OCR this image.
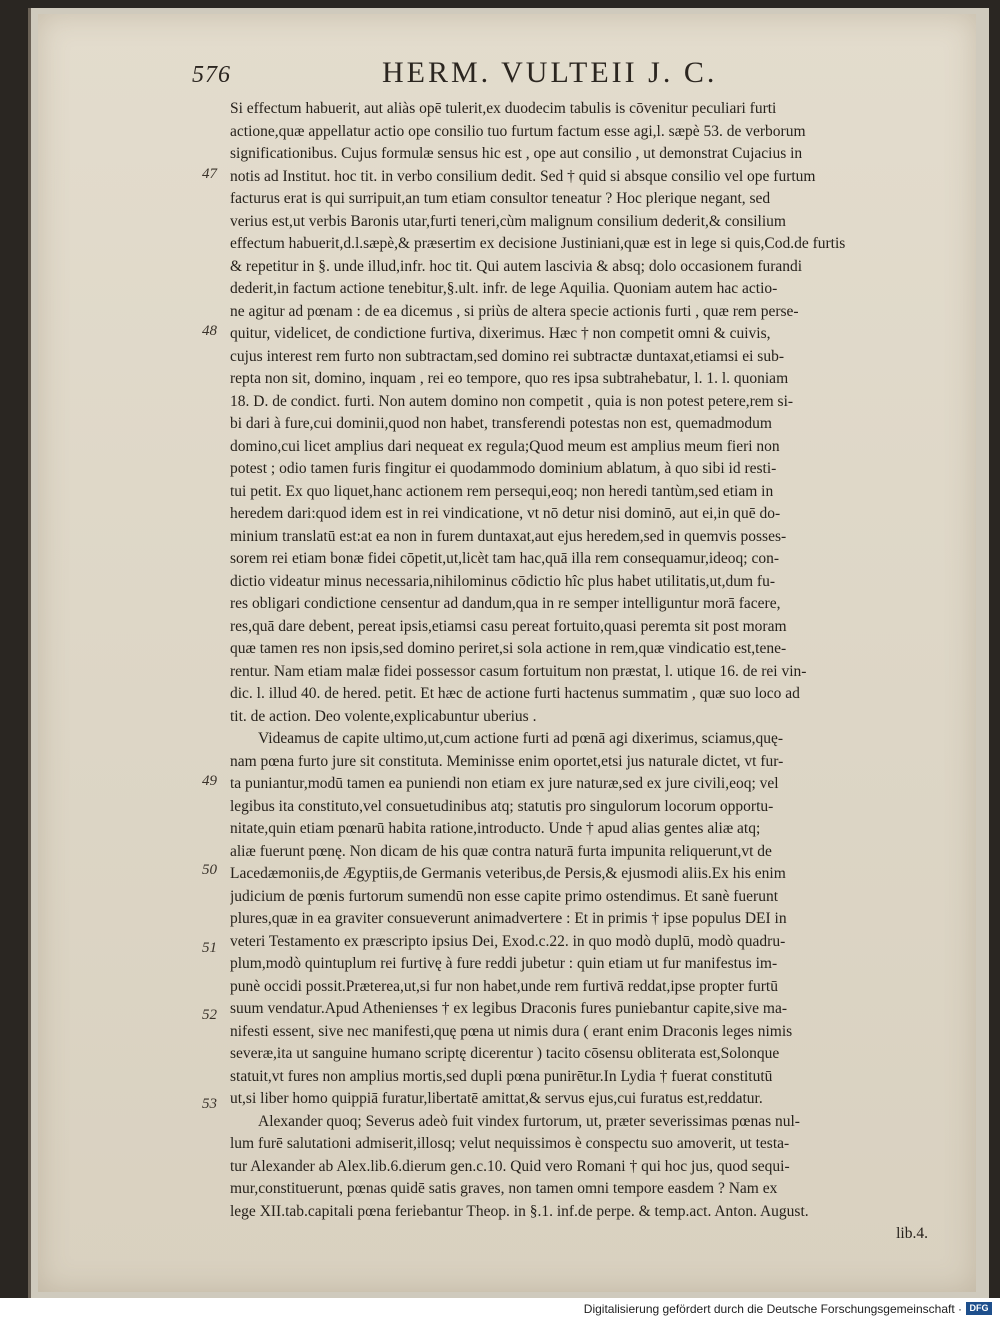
576	HERM. VULTEII J. C.
Si effectum habuerit, aut aliàs opē tulerit,ex duodecim tabulis is cōvenitur peculiari furti
actione,quæ appellatur actio ope consilio tuo furtum factum esse agi,l. sæpè 53. de verborum
significationibus. Cujus formulæ sensus hic est , ope aut consilio , ut demonstrat Cujacius in
notis ad Institut. hoc tit. in verbo consilium dedit. Sed † quid si absque consilio vel ope furtum
facturus erat is qui surripuit,an tum etiam consultor teneatur ? Hoc plerique negant, sed
verius est,ut verbis Baronis utar,furti teneri,cùm malignum consilium dederit,& consilium
effectum habuerit,d.l.sæpè,& præsertim ex decisione Justiniani,quæ est in lege si quis,Cod.de furtis
& repetitur in §. unde illud,infr. hoc tit. Qui autem lascivia & absq; dolo occasionem furandi
dederit,in factum actione tenebitur,§.ult. infr. de lege Aquilia. Quoniam autem hac actio-
ne agitur ad pœnam : de ea dicemus , si priùs de altera specie actionis furti , quæ rem perse-
quitur, videlicet, de condictione furtiva, dixerimus. Hæc † non competit omni & cuivis,
cujus interest rem furto non subtractam,sed domino rei subtractæ duntaxat,etiamsi ei sub-
repta non sit, domino, inquam , rei eo tempore, quo res ipsa subtrahebatur, l. 1. l. quoniam
18. D. de condict. furti. Non autem domino non competit , quia is non potest petere,rem si-
bi dari à fure,cui dominii,quod non habet, transferendi potestas non est, quemadmodum
domino,cui licet amplius dari nequeat ex regula;Quod meum est amplius meum fieri non
potest ; odio tamen furis fingitur ei quodammodo dominium ablatum, à quo sibi id resti-
tui petit. Ex quo liquet,hanc actionem rem persequi,eoq; non heredi tantùm,sed etiam in
heredem dari:quod idem est in rei vindicatione, vt nō detur nisi dominō, aut ei,in quē do-
minium translatū est:at ea non in furem duntaxat,aut ejus heredem,sed in quemvis posses-
sorem rei etiam bonæ fidei cōpetit,ut,licèt tam hac,quā illa rem consequamur,ideoq; con-
dictio videatur minus necessaria,nihilominus cōdictio hîc plus habet utilitatis,ut,dum fu-
res obligari condictione censentur ad dandum,qua in re semper intelliguntur morā facere,
res,quā dare debent, pereat ipsis,etiamsi casu pereat fortuito,quasi peremta sit post moram
quæ tamen res non ipsis,sed domino periret,si sola actione in rem,quæ vindicatio est,tene-
rentur. Nam etiam malæ fidei possessor casum fortuitum non præstat, l. utique 16. de rei vin-
dic. l. illud 40. de hered. petit. Et hæc de actione furti hactenus summatim , quæ suo loco ad
tit. de action. Deo volente,explicabuntur uberius .
Videamus de capite ultimo,ut,cum actione furti ad pœnā agi dixerimus, sciamus,quę-
nam pœna furto jure sit constituta. Meminisse enim oportet,etsi jus naturale dictet, vt fur-
ta puniantur,modū tamen ea puniendi non etiam ex jure naturæ,sed ex jure civili,eoq; vel
legibus ita constituto,vel consuetudinibus atq; statutis pro singulorum locorum opportu-
nitate,quin etiam pœnarū habita ratione,introducto. Unde † apud alias gentes aliæ atq;
aliæ fuerunt pœnę. Non dicam de his quæ contra naturā furta impunita reliquerunt,vt de
Lacedæmoniis,de Ægyptiis,de Germanis veteribus,de Persis,& ejusmodi aliis.Ex his enim
judicium de pœnis furtorum sumendū non esse capite primo ostendimus. Et sanè fuerunt
plures,quæ in ea graviter consueverunt animadvertere : Et in primis † ipse populus DEI in
veteri Testamento ex præscripto ipsius Dei, Exod.c.22. in quo modò duplū, modò quadru-
plum,modò quintuplum rei furtivę à fure reddi jubetur : quin etiam ut fur manifestus im-
punè occidi possit.Præterea,ut,si fur non habet,unde rem furtivā reddat,ipse propter furtū
suum vendatur.Apud Athenienses † ex legibus Draconis fures puniebantur capite,sive ma-
nifesti essent, sive nec manifesti,quę pœna ut nimis dura ( erant enim Draconis leges nimis
severæ,ita ut sanguine humano scriptę dicerentur ) tacito cōsensu obliterata est,Solonque
statuit,vt fures non amplius mortis,sed dupli pœna punirētur.In Lydia † fuerat constitutū
ut,si liber homo quippiā furatur,libertatē amittat,& servus ejus,cui furatus est,reddatur.
Alexander quoq; Severus adeò fuit vindex furtorum, ut, præter severissimas pœnas nul-
lum furē salutationi admiserit,illosq; velut nequissimos è conspectu suo amoverit, ut testa-
tur Alexander ab Alex.lib.6.dierum gen.c.10. Quid vero Romani † qui hoc jus, quod sequi-
mur,constituerunt, pœnas quidē satis graves, non tamen omni tempore easdem ? Nam ex
lege XII.tab.capitali pœna feriebantur Theop. in §.1. inf.de perpe. & temp.act. Anton. August.
lib.4.
47
48
49
50
51
52
53
Digitalisierung gefördert durch die Deutsche Forschungsgemeinschaft · DFG
